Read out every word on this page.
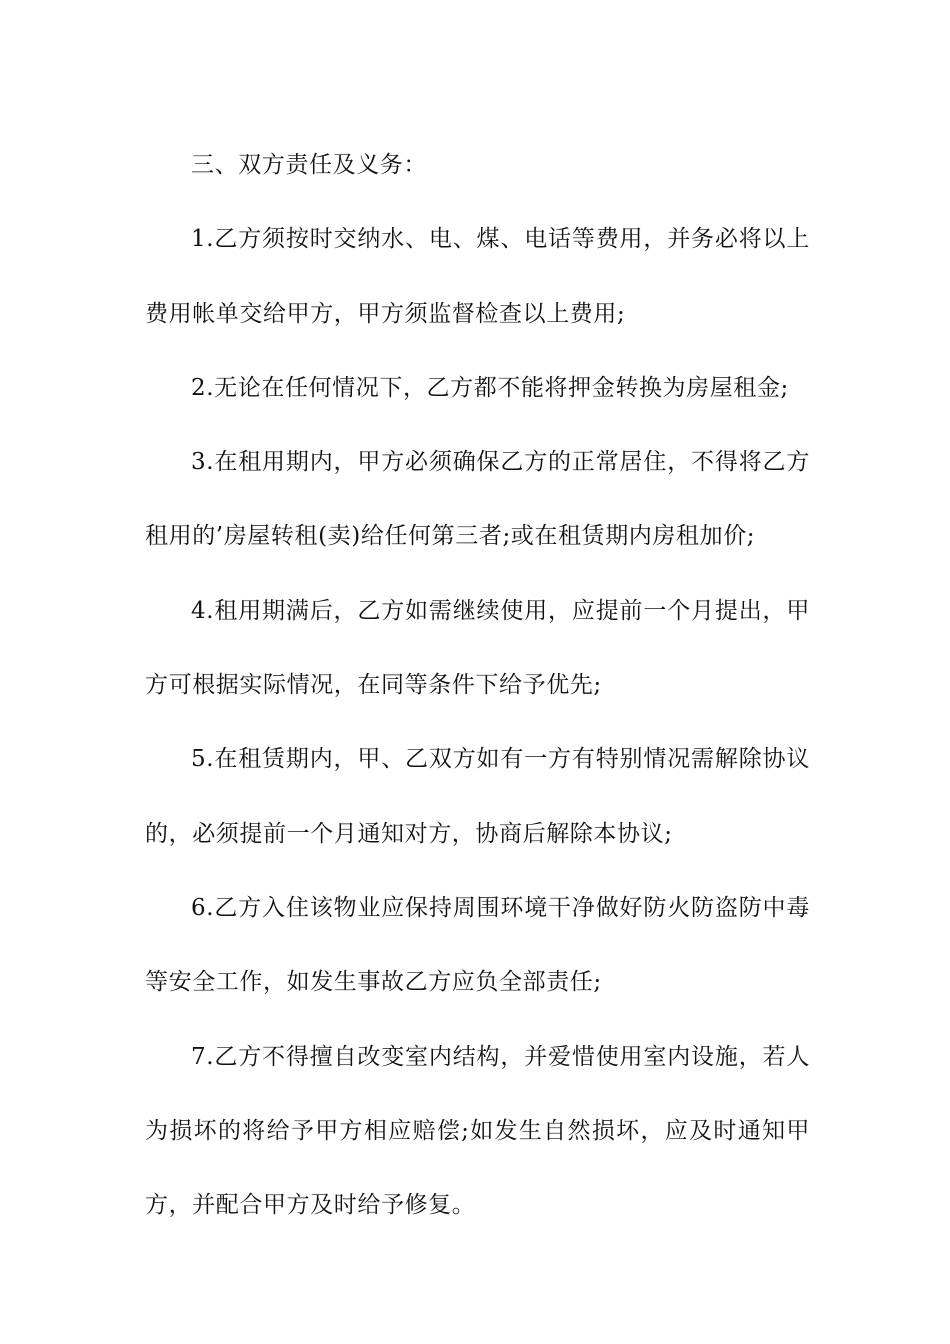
三、双方责任及义务：

1.乙方须按时交纳水、电、煤、电话等费用，并务必将以上费用帐单交给甲方，甲方须监督检查以上费用;

2.无论在任何情况下，乙方都不能将押金转换为房屋租金;

3.在租用期内，甲方必须确保乙方的正常居住，不得将乙方租用的’房屋转租(卖)给任何第三者;或在租赁期内房租加价;

4.租用期满后，乙方如需继续使用，应提前一个月提出，甲方可根据实际情况，在同等条件下给予优先;

5.在租赁期内，甲、乙双方如有一方有特别情况需解除协议的，必须提前一个月通知对方，协商后解除本协议;

6.乙方入住该物业应保持周围环境干净做好防火防盗防中毒等安全工作，如发生事故乙方应负全部责任;

7.乙方不得擅自改变室内结构，并爱惜使用室内设施，若人为损坏的将给予甲方相应赔偿;如发生自然损坏，应及时通知甲方，并配合甲方及时给予修复。
